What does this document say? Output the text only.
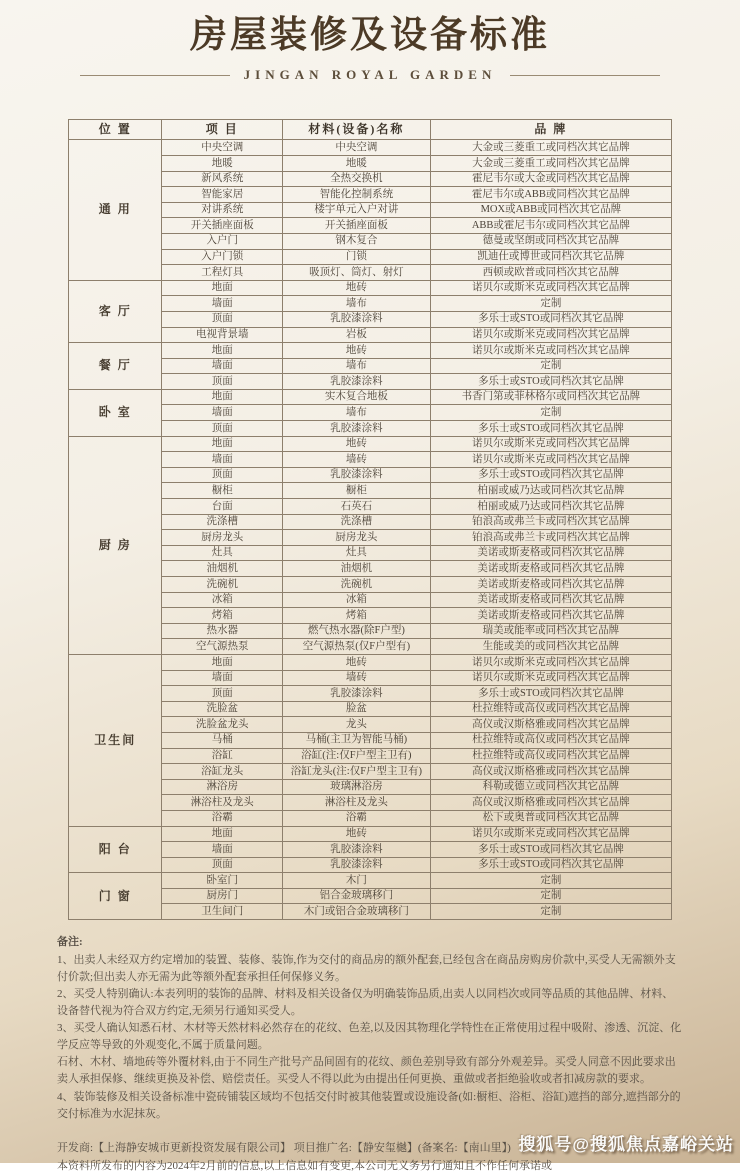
房屋装修及设备标准
JINGAN ROYAL GARDEN
位 置	项 目	材料(设备)名称	品 牌
通 用	中央空调	中央空调	大金或三菱重工或同档次其它品牌
	地暖	地暖	大金或三菱重工或同档次其它品牌
	新风系统	全热交换机	霍尼韦尔或大金或同档次其它品牌
	智能家居	智能化控制系统	霍尼韦尔或ABB或同档次其它品牌
	对讲系统	楼宇单元入户对讲	MOX或ABB或同档次其它品牌
	开关插座面板	开关插座面板	ABB或霍尼韦尔或同档次其它品牌
	入户门	钢木复合	德曼或坚朗或同档次其它品牌
	入户门锁	门锁	凯迪仕或博世或同档次其它品牌
	工程灯具	吸顶灯、筒灯、射灯	西顿或欧普或同档次其它品牌
客 厅	地面	地砖	诺贝尔或斯米克或同档次其它品牌
	墙面	墙布	定制
	顶面	乳胶漆涂料	多乐士或STO或同档次其它品牌
	电视背景墙	岩板	诺贝尔或斯米克或同档次其它品牌
餐 厅	地面	地砖	诺贝尔或斯米克或同档次其它品牌
	墙面	墙布	定制
	顶面	乳胶漆涂料	多乐士或STO或同档次其它品牌
卧 室	地面	实木复合地板	书香门第或菲林格尔或同档次其它品牌
	墙面	墙布	定制
	顶面	乳胶漆涂料	多乐士或STO或同档次其它品牌
厨 房	地面	地砖	诺贝尔或斯米克或同档次其它品牌
	墙面	墙砖	诺贝尔或斯米克或同档次其它品牌
	顶面	乳胶漆涂料	多乐士或STO或同档次其它品牌
	橱柜	橱柜	柏丽或威乃达或同档次其它品牌
	台面	石英石	柏丽或威乃达或同档次其它品牌
	洗涤槽	洗涤槽	铂浪高或弗兰卡或同档次其它品牌
	厨房龙头	厨房龙头	铂浪高或弗兰卡或同档次其它品牌
	灶具	灶具	美诺或斯麦格或同档次其它品牌
	油烟机	油烟机	美诺或斯麦格或同档次其它品牌
	洗碗机	洗碗机	美诺或斯麦格或同档次其它品牌
	冰箱	冰箱	美诺或斯麦格或同档次其它品牌
	烤箱	烤箱	美诺或斯麦格或同档次其它品牌
	热水器	燃气热水器(除F户型)	瑞美或能率或同档次其它品牌
	空气源热泵	空气源热泵(仅F户型有)	生能或美的或同档次其它品牌
卫生间	地面	地砖	诺贝尔或斯米克或同档次其它品牌
	墙面	墙砖	诺贝尔或斯米克或同档次其它品牌
	顶面	乳胶漆涂料	多乐士或STO或同档次其它品牌
	洗脸盆	脸盆	杜拉维特或高仪或同档次其它品牌
	洗脸盆龙头	龙头	高仪或汉斯格雅或同档次其它品牌
	马桶	马桶(主卫为智能马桶)	杜拉维特或高仪或同档次其它品牌
	浴缸	浴缸(注:仅F户型主卫有)	杜拉维特或高仪或同档次其它品牌
	浴缸龙头	浴缸龙头(注:仅F户型主卫有)	高仪或汉斯格雅或同档次其它品牌
	淋浴房	玻璃淋浴房	科勒或德立或同档次其它品牌
	淋浴柱及龙头	淋浴柱及龙头	高仪或汉斯格雅或同档次其它品牌
	浴霸	浴霸	松下或奥普或同档次其它品牌
阳 台	地面	地砖	诺贝尔或斯米克或同档次其它品牌
	墙面	乳胶漆涂料	多乐士或STO或同档次其它品牌
	顶面	乳胶漆涂料	多乐士或STO或同档次其它品牌
门 窗	卧室门	木门	定制
	厨房门	铝合金玻璃移门	定制
	卫生间门	木门或铝合金玻璃移门	定制

备注:

1、出卖人未经双方约定增加的装置、装修、装饰,作为交付的商品房的额外配套,已经包含在商品房购房价款中,买受人无需额外支付价款;但出卖人亦无需为此等额外配套承担任何保修义务。

2、买受人特别确认:本表列明的装饰的品牌、材料及相关设备仅为明确装饰品质,出卖人以同档次或同等品质的其他品牌、材料、设备替代视为符合双方约定,无须另行通知买受人。

3、买受人确认知悉石材、木材等天然材料必然存在的花纹、色差,以及因其物理化学特性在正常使用过程中吸附、渗透、沉淀、化学反应等导致的外观变化,不属于质量问题。

石材、木材、墙地砖等外覆材料,由于不同生产批号产品间固有的花纹、颜色差别导致有部分外观差异。买受人同意不因此要求出卖人承担保修、继续更换及补偿、赔偿责任。买受人不得以此为由提出任何更换、重做或者拒绝验收或者扣减房款的要求。

4、装饰装修及相关设备标准中瓷砖铺装区域均不包括交付时被其他装置或设施设备(如:橱柜、浴柜、浴缸)遮挡的部分,遮挡部分的交付标准为水泥抹灰。

开发商:【上海静安城市更新投资发展有限公司】 项目推广名:【静安玺樾】(备案名:【南山里】)

本资料所发布的内容为2024年2月前的信息,以上信息如有变更,本公司无义务另行通知且不作任何承诺或

搜狐号@搜狐焦点嘉峪关站
